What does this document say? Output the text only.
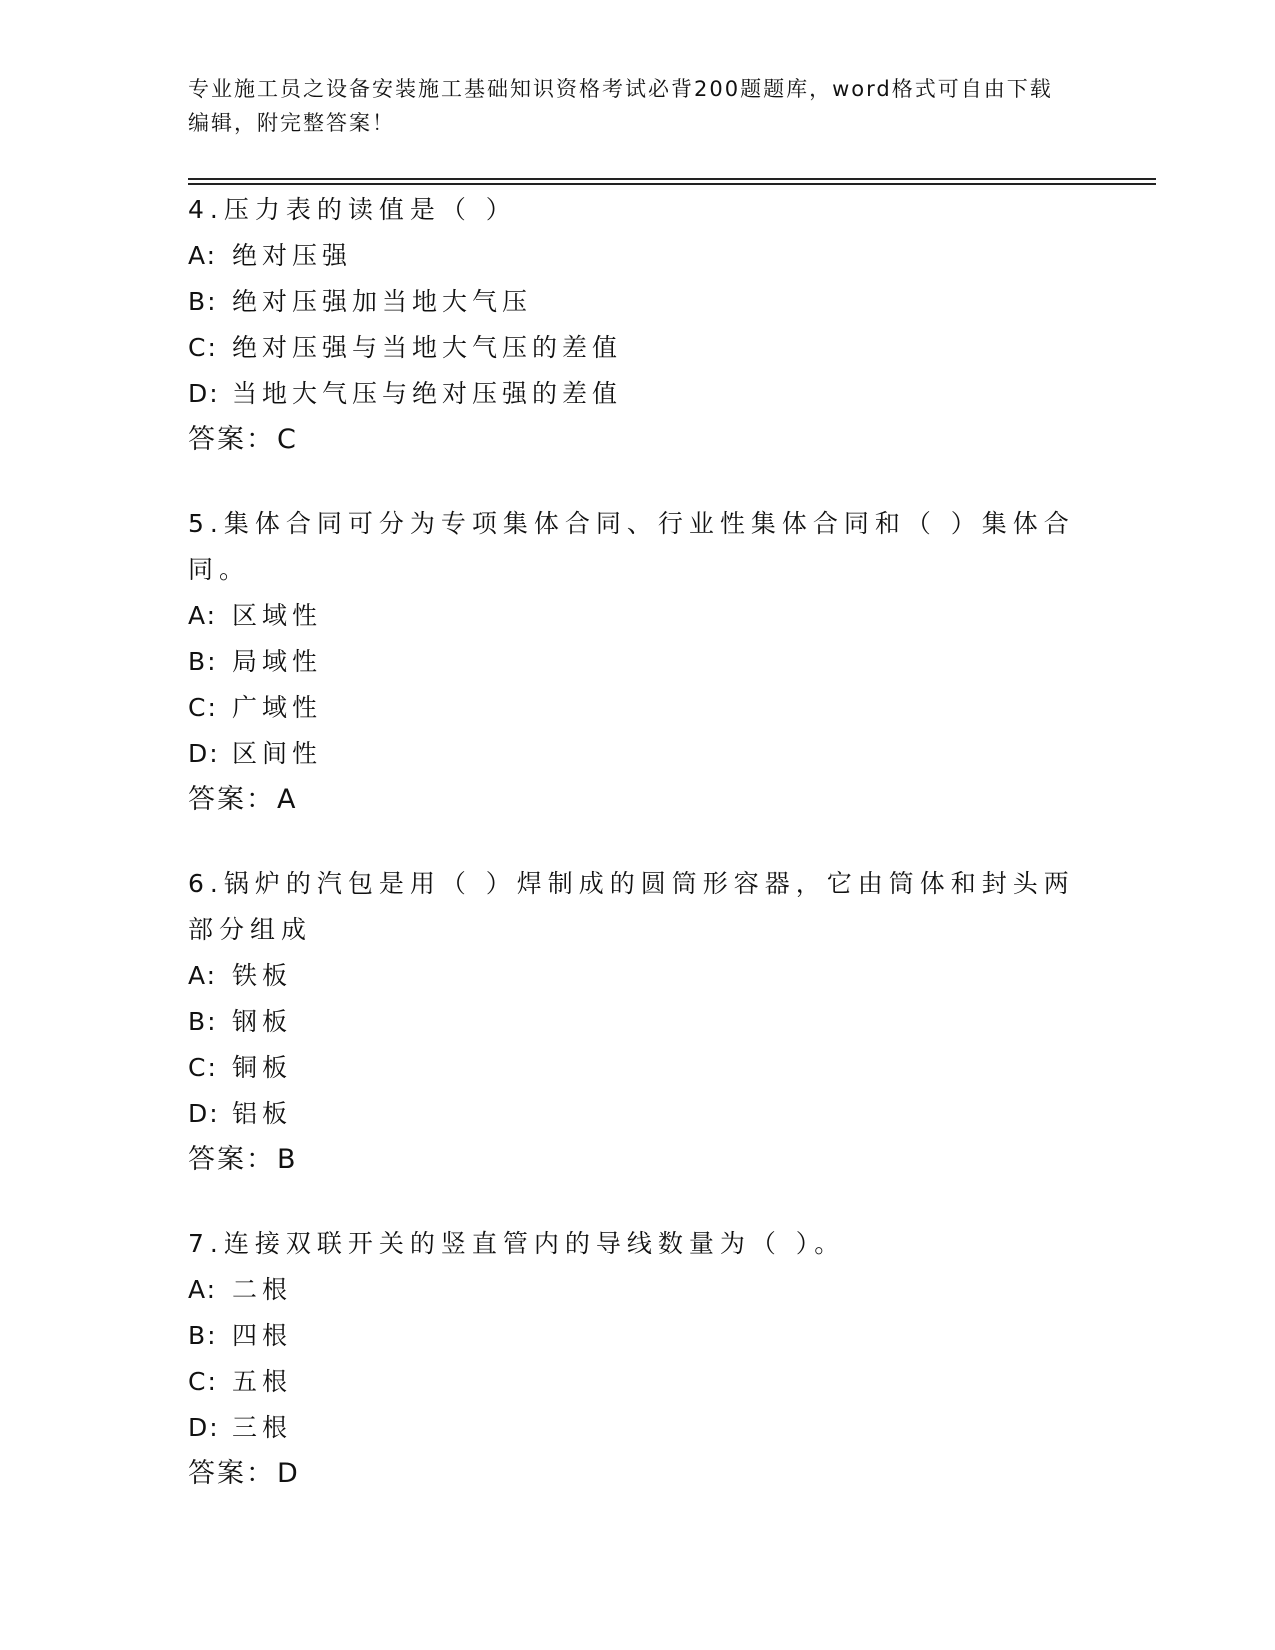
专业施工员之设备安装施工基础知识资格考试必背200题题库，word格式可自由下载编辑，附完整答案！

4.压力表的读值是（ ）

A: 绝对压强

B: 绝对压强加当地大气压

C: 绝对压强与当地大气压的差值

D: 当地大气压与绝对压强的差值

答案：C

5.集体合同可分为专项集体合同、行业性集体合同和（ ）集体合同。

A: 区域性

B: 局域性

C: 广域性

D: 区间性

答案：A

6.锅炉的汽包是用（ ）焊制成的圆筒形容器，它由筒体和封头两部分组成

A: 铁板

B: 钢板

C: 铜板

D: 铝板

答案：B

7.连接双联开关的竖直管内的导线数量为（ ）。

A: 二根

B: 四根

C: 五根

D: 三根

答案：D
